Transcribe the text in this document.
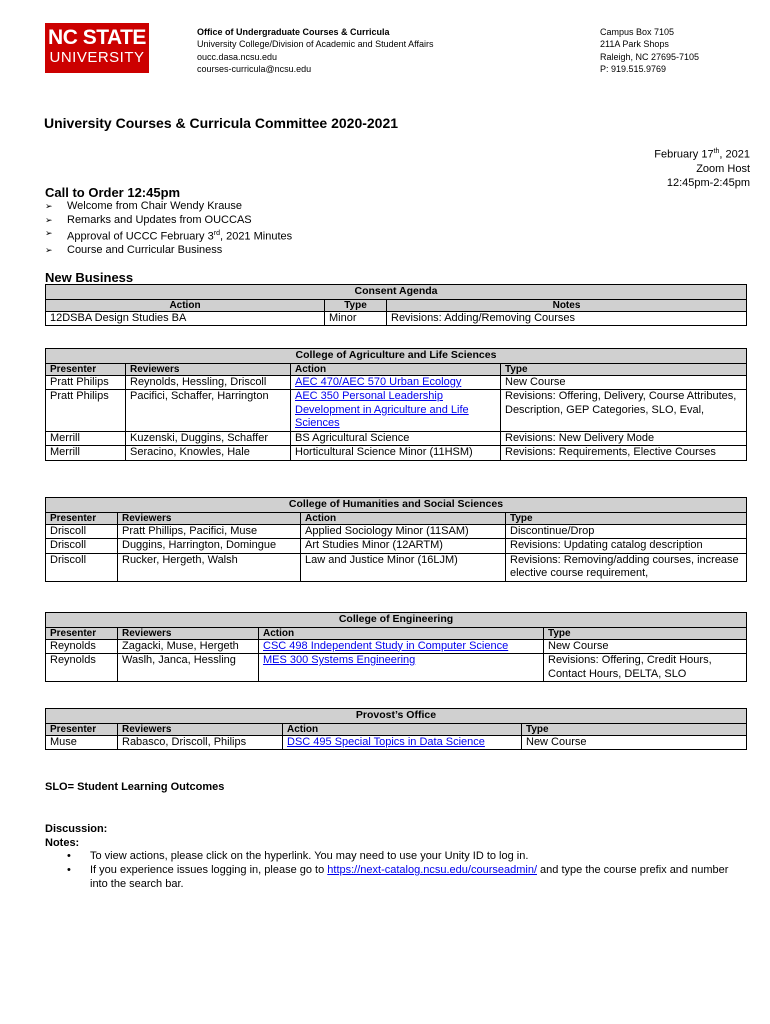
NC STATE
UNIVERSITY
Office of Undergraduate Courses & Curricula
University College/Division of Academic and Student Affairs
oucc.dasa.ncsu.edu
courses-curricula@ncsu.edu
Campus Box 7105
211A Park Shops
Raleigh, NC 27695-7105
P: 919.515.9769
University Courses & Curricula Committee 2020-2021
February 17th, 2021
Zoom Host
12:45pm-2:45pm
Call to Order 12:45pm
➢ Welcome from Chair Wendy Krause
➢ Remarks and Updates from OUCCAS
➢ Approval of UCCC February 3rd, 2021 Minutes
➢ Course and Curricular Business
New Business
Consent Agenda		
Action	Type	Notes
12DSBA Design Studies BA	Minor	Revisions: Adding/Removing Courses
College of Agriculture and Life Sciences			
Presenter	Reviewers	Action	Type
Pratt Philips	Reynolds, Hessling, Driscoll	AEC 470/AEC 570 Urban Ecology	New Course
Pratt Philips	Pacifici, Schaffer, Harrington	AEC 350 Personal Leadership Development in Agriculture and Life Sciences	Revisions: Offering, Delivery, Course Attributes, Description, GEP Categories, SLO, Eval,
Merrill	Kuzenski, Duggins, Schaffer	BS Agricultural Science	Revisions: New Delivery Mode
Merrill	Seracino, Knowles, Hale	Horticultural Science Minor (11HSM)	Revisions: Requirements, Elective Courses
College of Humanities and Social Sciences			
Presenter	Reviewers	Action	Type
Driscoll	Pratt Phillips, Pacifici, Muse	Applied Sociology Minor (11SAM)	Discontinue/Drop
Driscoll	Duggins, Harrington, Domingue	Art Studies Minor (12ARTM)	Revisions: Updating catalog description
Driscoll	Rucker, Hergeth, Walsh	Law and Justice Minor (16LJM)	Revisions: Removing/adding courses, increase elective course requirement,
College of Engineering			
Presenter	Reviewers	Action	Type
Reynolds	Zagacki, Muse, Hergeth	CSC 498 Independent Study in Computer Science	New Course
Reynolds	Waslh, Janca, Hessling	MES 300 Systems Engineering	Revisions: Offering, Credit Hours, Contact Hours, DELTA, SLO
Provost’s Office			
Presenter	Reviewers	Action	Type
Muse	Rabasco, Driscoll, Philips	DSC 495 Special Topics in Data Science	New Course
SLO= Student Learning Outcomes
Discussion:
Notes:
• To view actions, please click on the hyperlink. You may need to use your Unity ID to log in.
• If you experience issues logging in, please go to https://next-catalog.ncsu.edu/courseadmin/ and type the course prefix and number into the search bar.
